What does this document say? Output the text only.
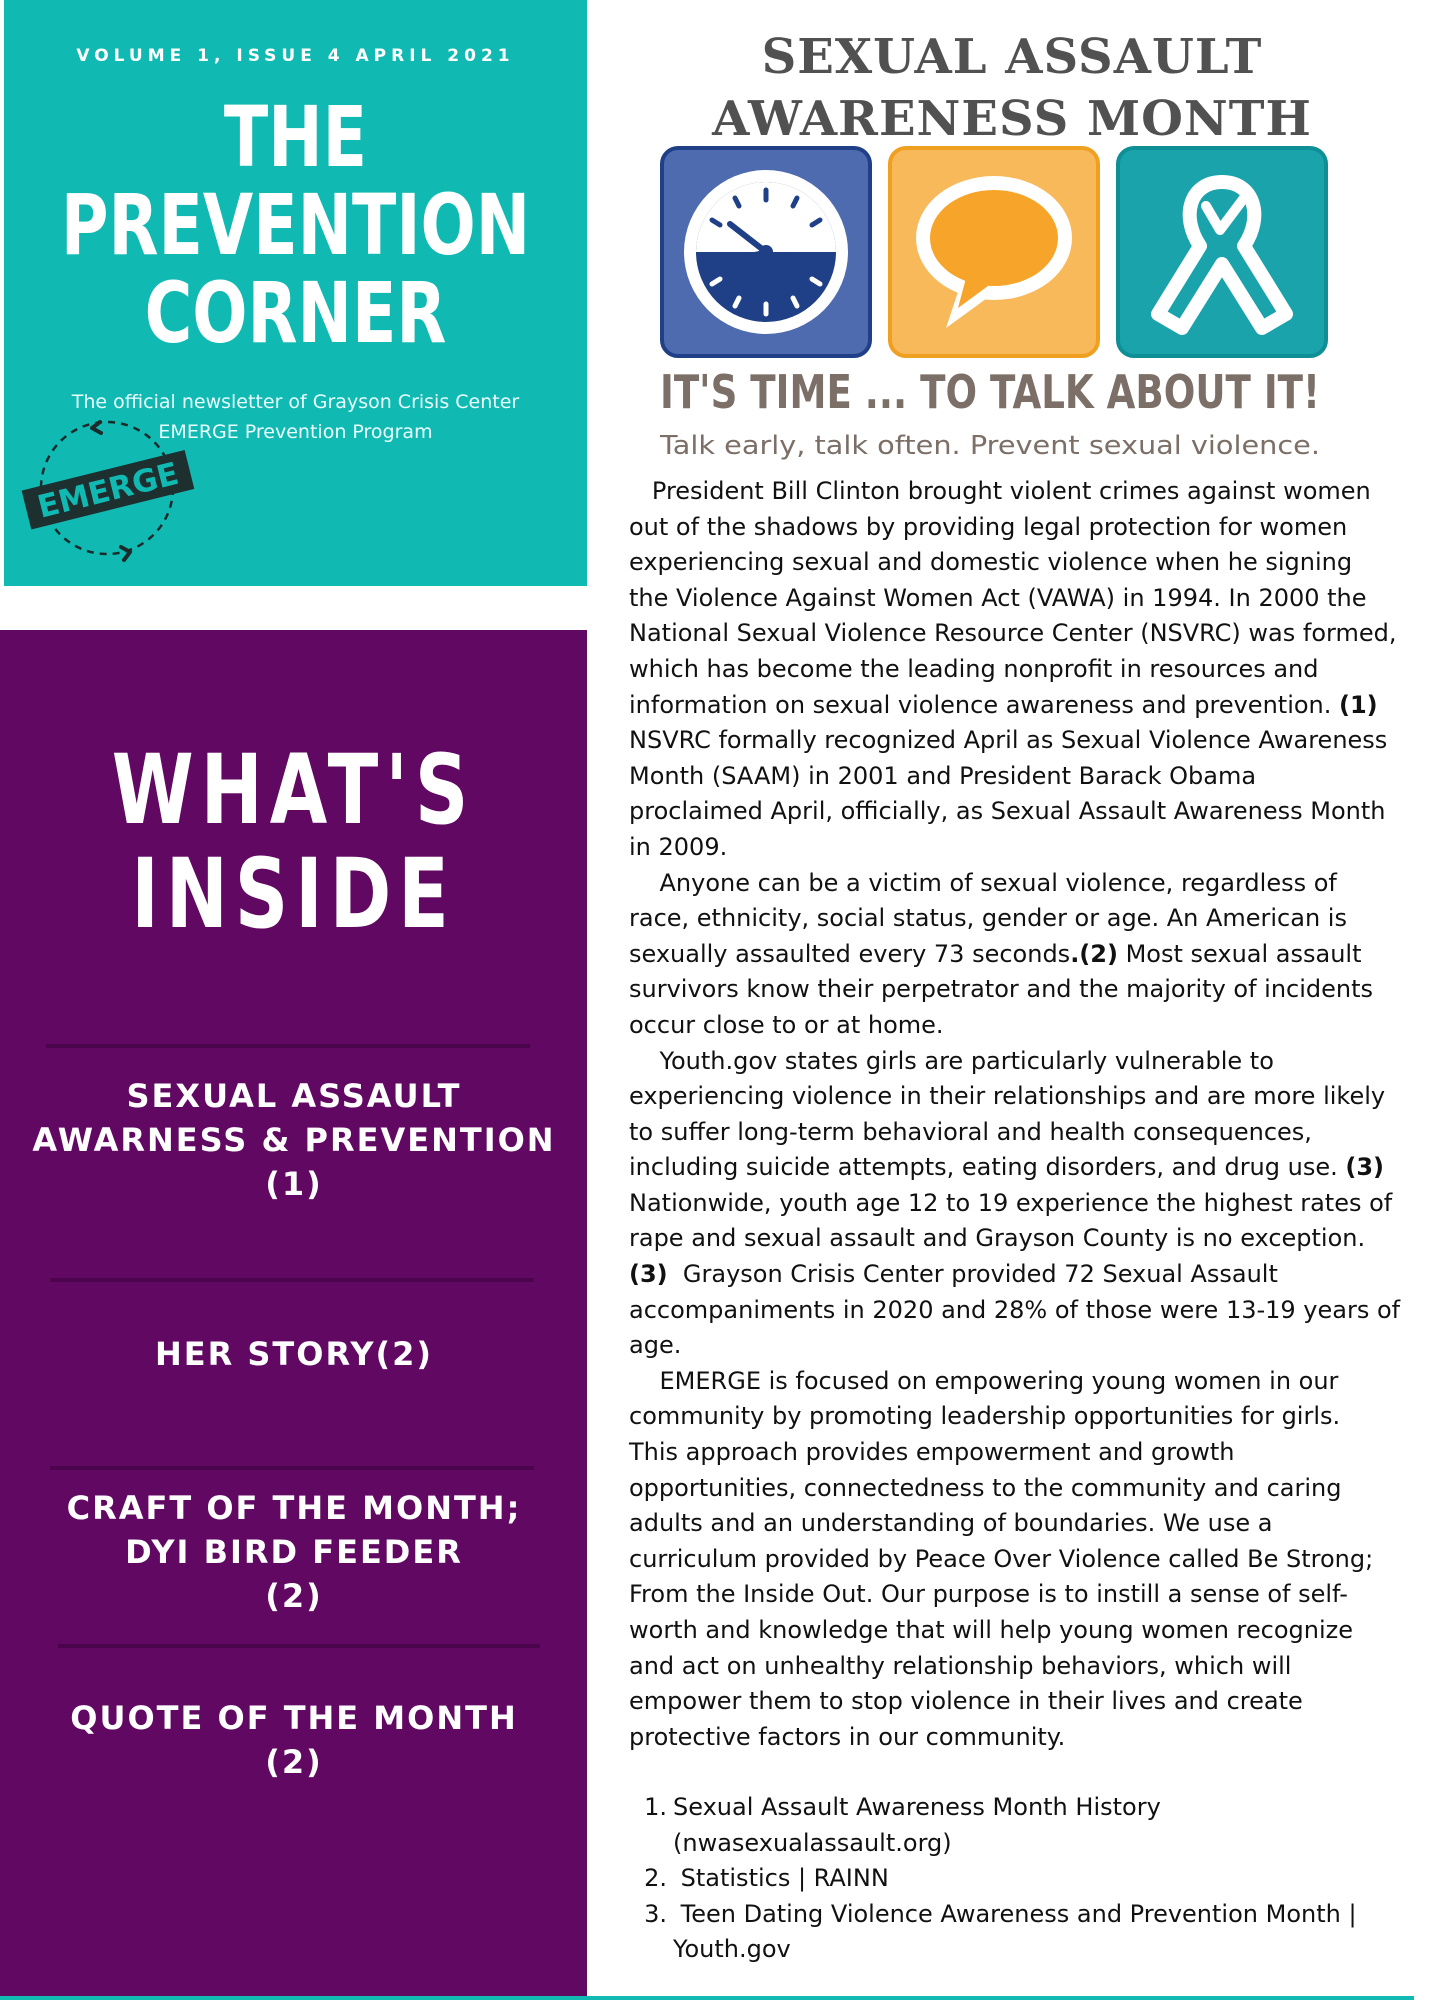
VOLUME 1, ISSUE 4 APRIL 2021
THE
PREVENTION
CORNER
The official newsletter of Grayson Crisis Center
EMERGE Prevention Program
EMERGE
WHAT'S
INSIDE
SEXUAL ASSAULT
AWARNESS & PREVENTION
(1)
HER STORY(2)
CRAFT OF THE MONTH;
DYI BIRD FEEDER
(2)
QUOTE OF THE MONTH
(2)
SEXUAL ASSAULT
AWARENESS MONTH
IT'S TIME ... TO TALK ABOUT IT!
Talk early, talk often. Prevent sexual violence.

President Bill Clinton brought violent crimes against women
out of the shadows by providing legal protection for women
experiencing sexual and domestic violence when he signing
the Violence Against Women Act (VAWA) in 1994. In 2000 the
National Sexual Violence Resource Center (NSVRC) was formed,
which has become the leading nonprofit in resources and
information on sexual violence awareness and prevention. (1)
NSVRC formally recognized April as Sexual Violence Awareness
Month (SAAM) in 2001 and President Barack Obama
proclaimed April, officially, as Sexual Assault Awareness Month
in 2009.

Anyone can be a victim of sexual violence, regardless of
race, ethnicity, social status, gender or age. An American is
sexually assaulted every 73 seconds.(2) Most sexual assault
survivors know their perpetrator and the majority of incidents
occur close to or at home.

Youth.gov states girls are particularly vulnerable to
experiencing violence in their relationships and are more likely
to suffer long-term behavioral and health consequences,
including suicide attempts, eating disorders, and drug use. (3)
Nationwide, youth age 12 to 19 experience the highest rates of
rape and sexual assault and Grayson County is no exception.
(3)  Grayson Crisis Center provided 72 Sexual Assault
accompaniments in 2020 and 28% of those were 13-19 years of
age.

EMERGE is focused on empowering young women in our
community by promoting leadership opportunities for girls.
This approach provides empowerment and growth
opportunities, connectedness to the community and caring
adults and an understanding of boundaries. We use a
curriculum provided by Peace Over Violence called Be Strong;
From the Inside Out. Our purpose is to instill a sense of self-
worth and knowledge that will help young women recognize
and act on unhealthy relationship behaviors, which will
empower them to stop violence in their lives and create
protective factors in our community.

1. Sexual Assault Awareness Month History
(nwasexualassault.org)
2. Statistics | RAINN
3. Teen Dating Violence Awareness and Prevention Month |
Youth.gov
